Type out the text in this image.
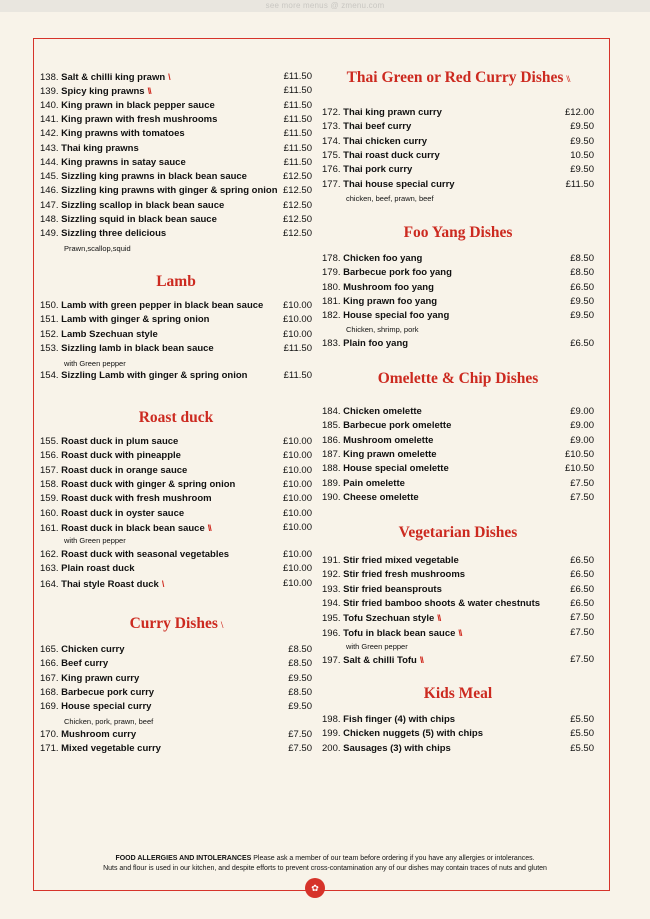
see more menus @ zmenu.com
Prawn,scallop,squid
Lamb
with Green pepper
Roast duck
with Green pepper
Curry Dishes \
Chicken, pork, prawn, beef
138. Salt & chilli king prawn \	£11.50
139. Spicy king prawns \\	£11.50
140. King prawn in black pepper sauce	£11.50
141. King prawn with fresh mushrooms	£11.50
142. King prawns with tomatoes	£11.50
143. Thai king prawns	£11.50
144. King prawns in satay sauce	£11.50
145. Sizzling king prawns in black bean sauce	£12.50
146. Sizzling king prawns with ginger & spring onion £12.50
147. Sizzling scallop in black bean sauce	£12.50
148. Sizzling squid in black bean sauce	£12.50
149. Sizzling three delicious	£12.50
150. Lamb with green pepper in black bean sauce £10.00
151. Lamb with ginger & spring onion	£10.00
152. Lamb Szechuan style	£10.00
153. Sizzling lamb in black bean sauce	£11.50
154. Sizzling Lamb with ginger & spring onion	£11.50
155. Roast duck in plum sauce	£10.00
156. Roast duck with pineapple	£10.00
157. Roast duck in orange sauce	£10.00
158. Roast duck with ginger & spring onion	£10.00
159. Roast duck with fresh mushroom	£10.00
160. Roast duck in oyster sauce	£10.00
161. Roast duck in black bean sauce \\	£10.00
162. Roast duck with seasonal vegetables	£10.00
163. Plain roast duck	£10.00
164. Thai style Roast duck \	£10.00
165. Chicken curry	£8.50
166. Beef curry	£8.50
167. King prawn curry	£9.50
168. Barbecue pork curry	£8.50
169. House special curry	£9.50
170. Mushroom curry	£7.50
171. Mixed vegetable curry	£7.50
Thai Green or Red Curry Dishes \\
chicken, beef, prawn, beef
Foo Yang Dishes
Chicken, shrimp, pork
Omelette & Chip Dishes
Vegetarian Dishes
with Green pepper
Kids Meal
172. Thai king prawn curry	£12.00
173. Thai beef curry	£9.50
174. Thai chicken curry	£9.50
175. Thai roast duck curry	10.50
176. Thai pork curry	£9.50
177. Thai house special curry	£11.50
178. Chicken foo yang	£8.50
179. Barbecue pork foo yang	£8.50
180. Mushroom foo yang	£6.50
181. King prawn foo yang	£9.50
182. House special foo yang	£9.50
183. Plain foo yang	£6.50
184. Chicken omelette	£9.00
185. Barbecue pork omelette	£9.00
186. Mushroom omelette	£9.00
187. King prawn omelette	£10.50
188. House special omelette	£10.50
189. Pain omelette	£7.50
190. Cheese omelette	£7.50
191. Stir fried mixed vegetable	£6.50
192. Stir fried fresh mushrooms	£6.50
193. Stir fried beansprouts	£6.50
194. Stir fried bamboo shoots & water chestnuts	£6.50
195. Tofu Szechuan style \\	£7.50
196. Tofu in black bean sauce \\	£7.50
197. Salt & chilli Tofu \\	£7.50
198. Fish finger (4) with chips	£5.50
199. Chicken nuggets (5) with chips	£5.50
200. Sausages (3) with chips	£5.50
FOOD ALLERGIES AND INTOLERANCES Please ask a member of our team before ordering if you have any allergies or intolerances.
Nuts and flour is used in our kitchen, and despite efforts to prevent cross-contamination any of our dishes may contain traces of nuts and gluten
✿
